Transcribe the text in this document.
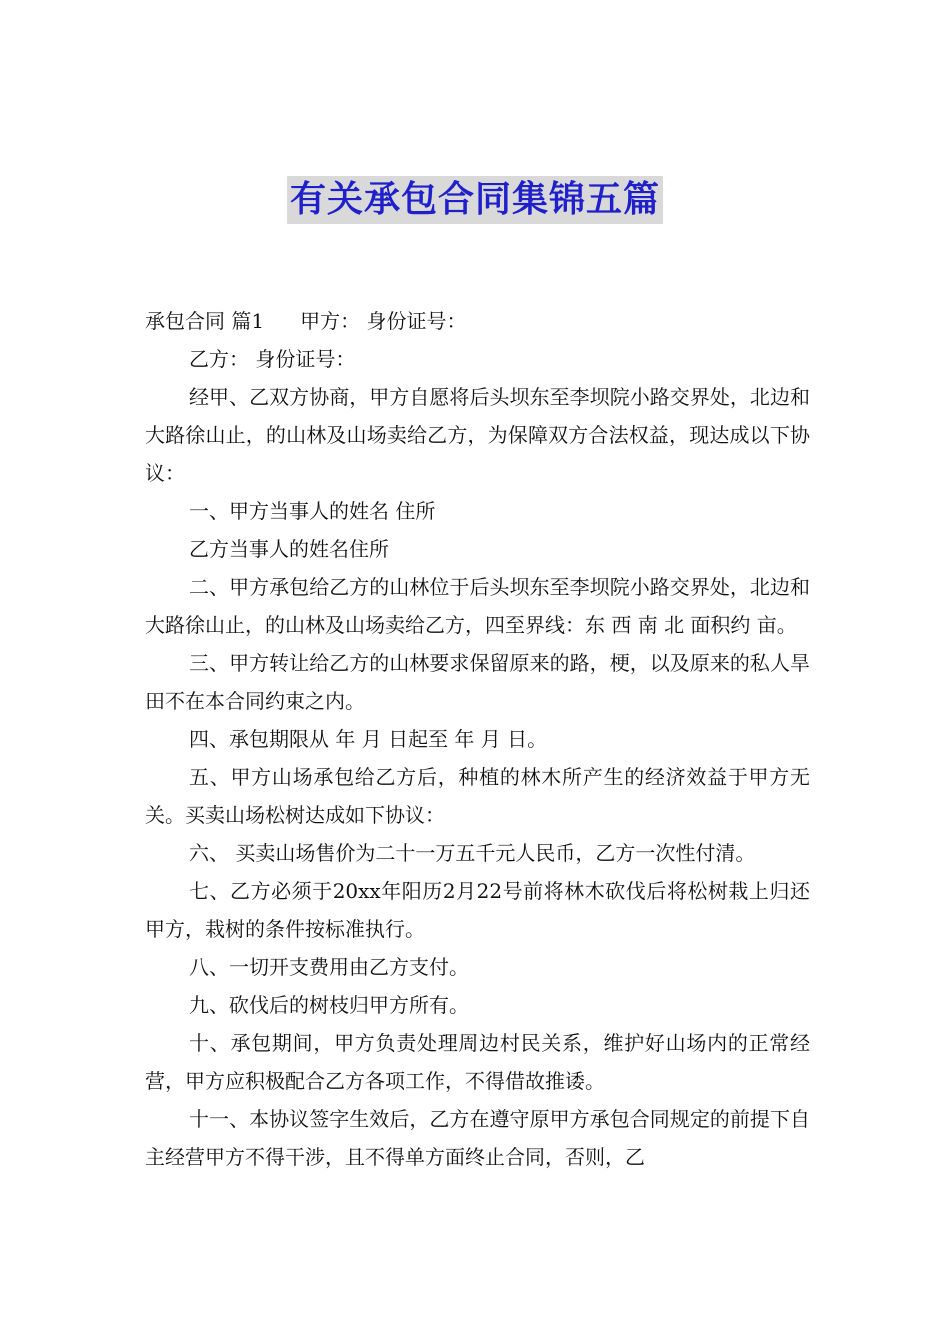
有关承包合同集锦五篇

承包合同 篇1 甲方： 身份证号：

乙方： 身份证号：

经甲、乙双方协商，甲方自愿将后头坝东至李坝院小路交界处，北边和大路徐山止，的山林及山场卖给乙方，为保障双方合法权益，现达成以下协议：

一、甲方当事人的姓名 住所

乙方当事人的姓名住所

二、甲方承包给乙方的山林位于后头坝东至李坝院小路交界处，北边和大路徐山止，的山林及山场卖给乙方，四至界线：东 西 南 北 面积约 亩。

三、甲方转让给乙方的山林要求保留原来的路，梗，以及原来的私人旱田不在本合同约束之内。

四、承包期限从 年 月 日起至 年 月 日。

五、甲方山场承包给乙方后，种植的林木所产生的经济效益于甲方无关。买卖山场松树达成如下协议：

六、 买卖山场售价为二十一万五千元人民币，乙方一次性付清。

七、乙方必须于20xx年阳历2月22号前将林木砍伐后将松树栽上归还甲方，栽树的条件按标准执行。

八、一切开支费用由乙方支付。

九、砍伐后的树枝归甲方所有。

十、承包期间，甲方负责处理周边村民关系，维护好山场内的正常经营，甲方应积极配合乙方各项工作，不得借故推诿。

十一、本协议签字生效后，乙方在遵守原甲方承包合同规定的前提下自主经营甲方不得干涉，且不得单方面终止合同，否则，乙
